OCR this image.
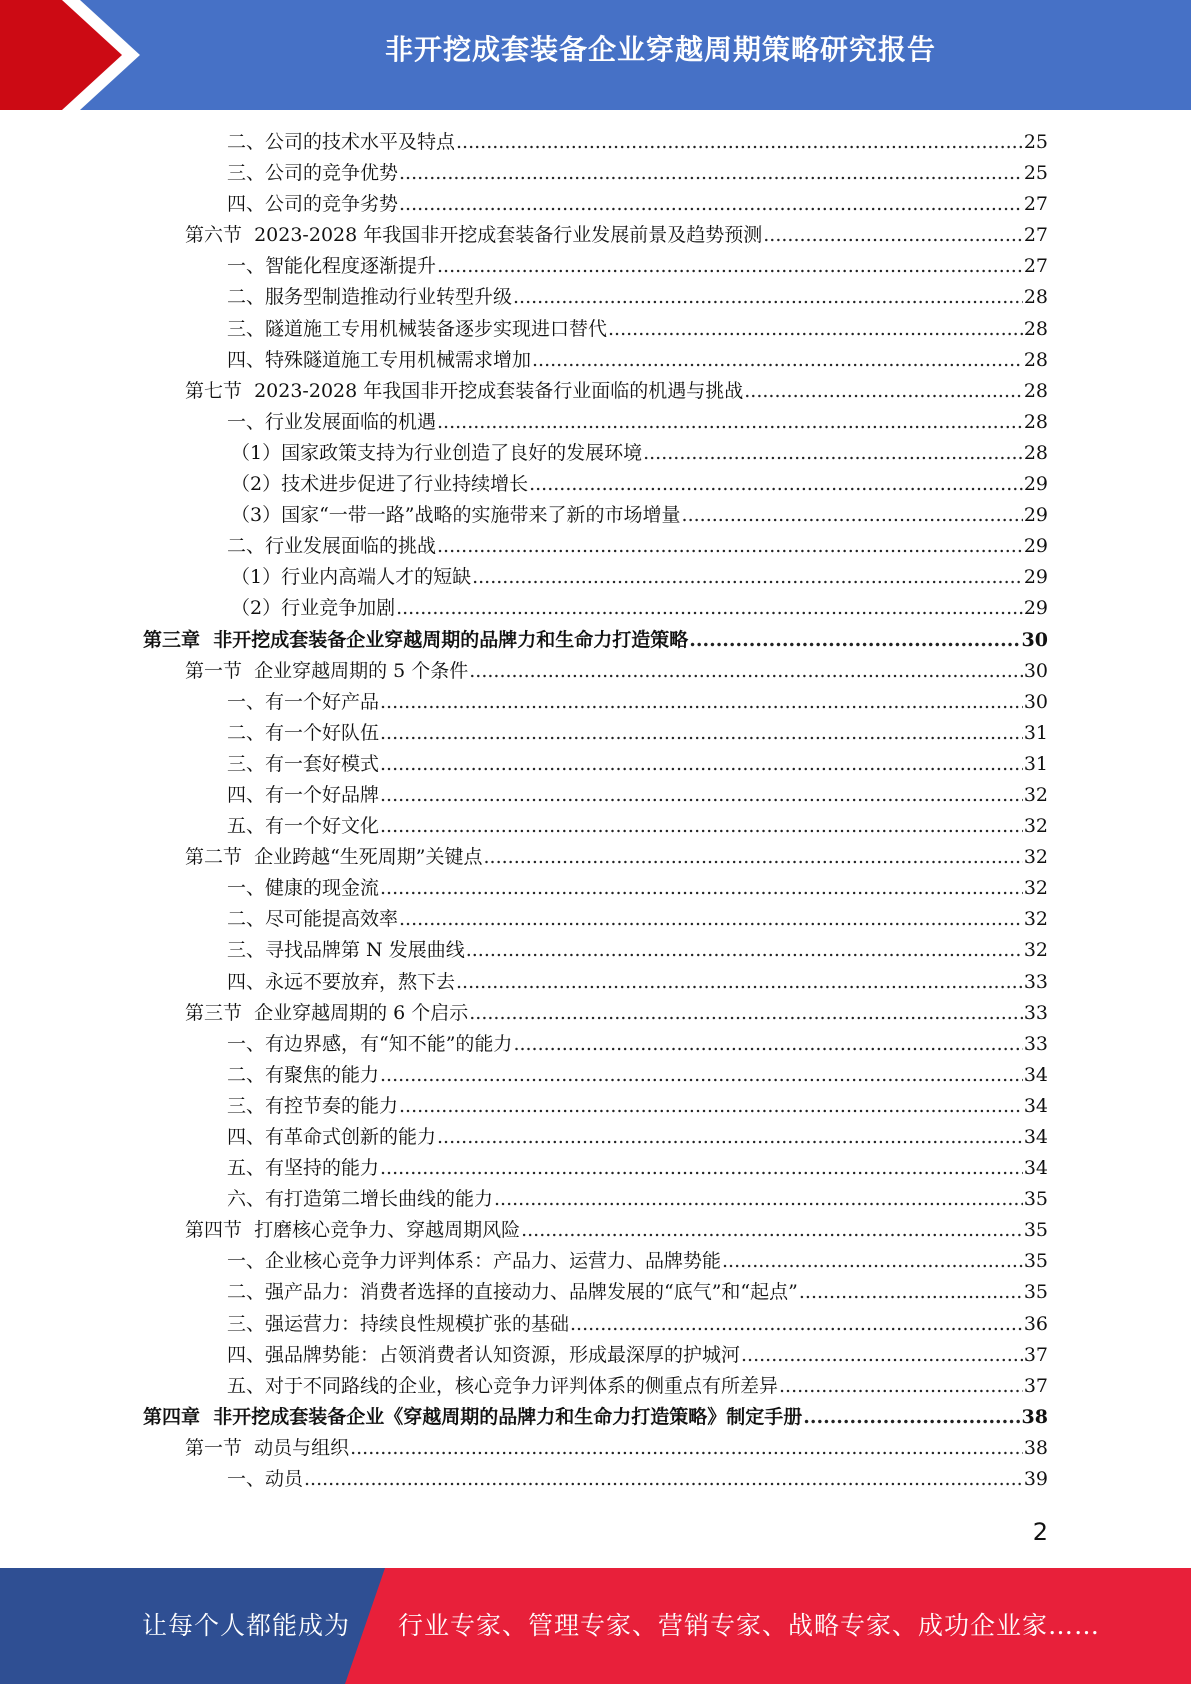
非开挖成套装备企业穿越周期策略研究报告
二、公司的技术水平及特点 .....	25
三、公司的竞争优势 .....	25
四、公司的竞争劣势 .....	27
第六节  2023-2028 年我国非开挖成套装备行业发展前景及趋势预测 .....	27
一、智能化程度逐渐提升 .....	27
二、服务型制造推动行业转型升级 .....	28
三、隧道施工专用机械装备逐步实现进口替代 .....	28
四、特殊隧道施工专用机械需求增加 .....	28
第七节  2023-2028 年我国非开挖成套装备行业面临的机遇与挑战 .....	28
一、行业发展面临的机遇 .....	28
（1）国家政策支持为行业创造了良好的发展环境 .....	28
（2）技术进步促进了行业持续增长 .....	29
（3）国家“一带一路”战略的实施带来了新的市场增量 .....	29
二、行业发展面临的挑战 .....	29
（1）行业内高端人才的短缺 .....	29
（2）行业竞争加剧 .....	29
第三章  非开挖成套装备企业穿越周期的品牌力和生命力打造策略 .....	30
第一节  企业穿越周期的 5 个条件 .....	30
一、有一个好产品 .....	30
二、有一个好队伍 .....	31
三、有一套好模式 .....	31
四、有一个好品牌 .....	32
五、有一个好文化 .....	32
第二节  企业跨越“生死周期”关键点 .....	32
一、健康的现金流 .....	32
二、尽可能提高效率 .....	32
三、寻找品牌第 N 发展曲线 .....	32
四、永远不要放弃，熬下去 .....	33
第三节  企业穿越周期的 6 个启示 .....	33
一、有边界感，有“知不能”的能力 .....	33
二、有聚焦的能力 .....	34
三、有控节奏的能力 .....	34
四、有革命式创新的能力 .....	34
五、有坚持的能力 .....	34
六、有打造第二增长曲线的能力 .....	35
第四节  打磨核心竞争力、穿越周期风险 .....	35
一、企业核心竞争力评判体系：产品力、运营力、品牌势能 .....	35
二、强产品力：消费者选择的直接动力、品牌发展的“底气”和“起点” .....	35
三、强运营力：持续良性规模扩张的基础 .....	36
四、强品牌势能：占领消费者认知资源，形成最深厚的护城河 .....	37
五、对于不同路线的企业，核心竞争力评判体系的侧重点有所差异 .....	37
第四章  非开挖成套装备企业《穿越周期的品牌力和生命力打造策略》制定手册 .....	38
第一节  动员与组织 .....	38
一、动员 .....	39
2
让每个人都能成为 行业专家、管理专家、营销专家、战略专家、成功企业家……
